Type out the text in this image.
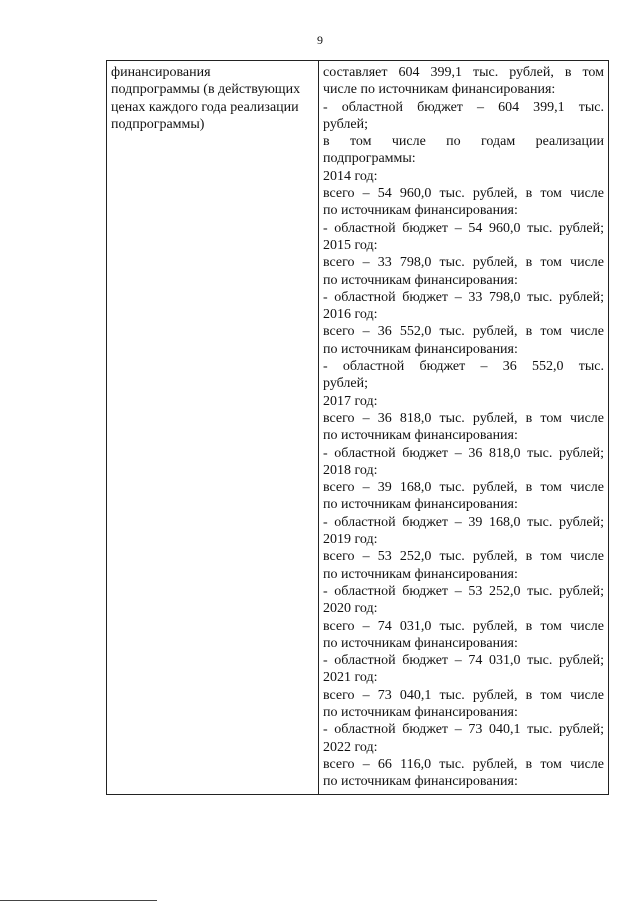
9
финансирования
подпрограммы (в действующих
ценах каждого года реализации
подпрограммы)

составляет 604 399,1 тыс. рублей, в том
числе по источникам финансирования:
- областной бюджет – 604 399,1 тыс.
рублей;
в том числе по годам реализации
подпрограммы:
2014 год:
всего – 54 960,0 тыс. рублей, в том числе
по источникам финансирования:
- областной бюджет – 54 960,0 тыс. рублей;
2015 год:
всего – 33 798,0 тыс. рублей, в том числе
по источникам финансирования:
- областной бюджет – 33 798,0 тыс. рублей;
2016 год:
всего – 36 552,0 тыс. рублей, в том числе
по источникам финансирования:
- областной бюджет – 36 552,0 тыс.
рублей;
2017 год:
всего – 36 818,0 тыс. рублей, в том числе
по источникам финансирования:
- областной бюджет – 36 818,0 тыс. рублей;
2018 год:
всего – 39 168,0 тыс. рублей, в том числе
по источникам финансирования:
- областной бюджет – 39 168,0 тыс. рублей;
2019 год:
всего – 53 252,0 тыс. рублей, в том числе
по источникам финансирования:
- областной бюджет – 53 252,0 тыс. рублей;
2020 год:
всего – 74 031,0 тыс. рублей, в том числе
по источникам финансирования:
- областной бюджет – 74 031,0 тыс. рублей;
2021 год:
всего – 73 040,1 тыс. рублей, в том числе
по источникам финансирования:
- областной бюджет – 73 040,1 тыс. рублей;
2022 год:
всего – 66 116,0 тыс. рублей, в том числе
по источникам финансирования:
